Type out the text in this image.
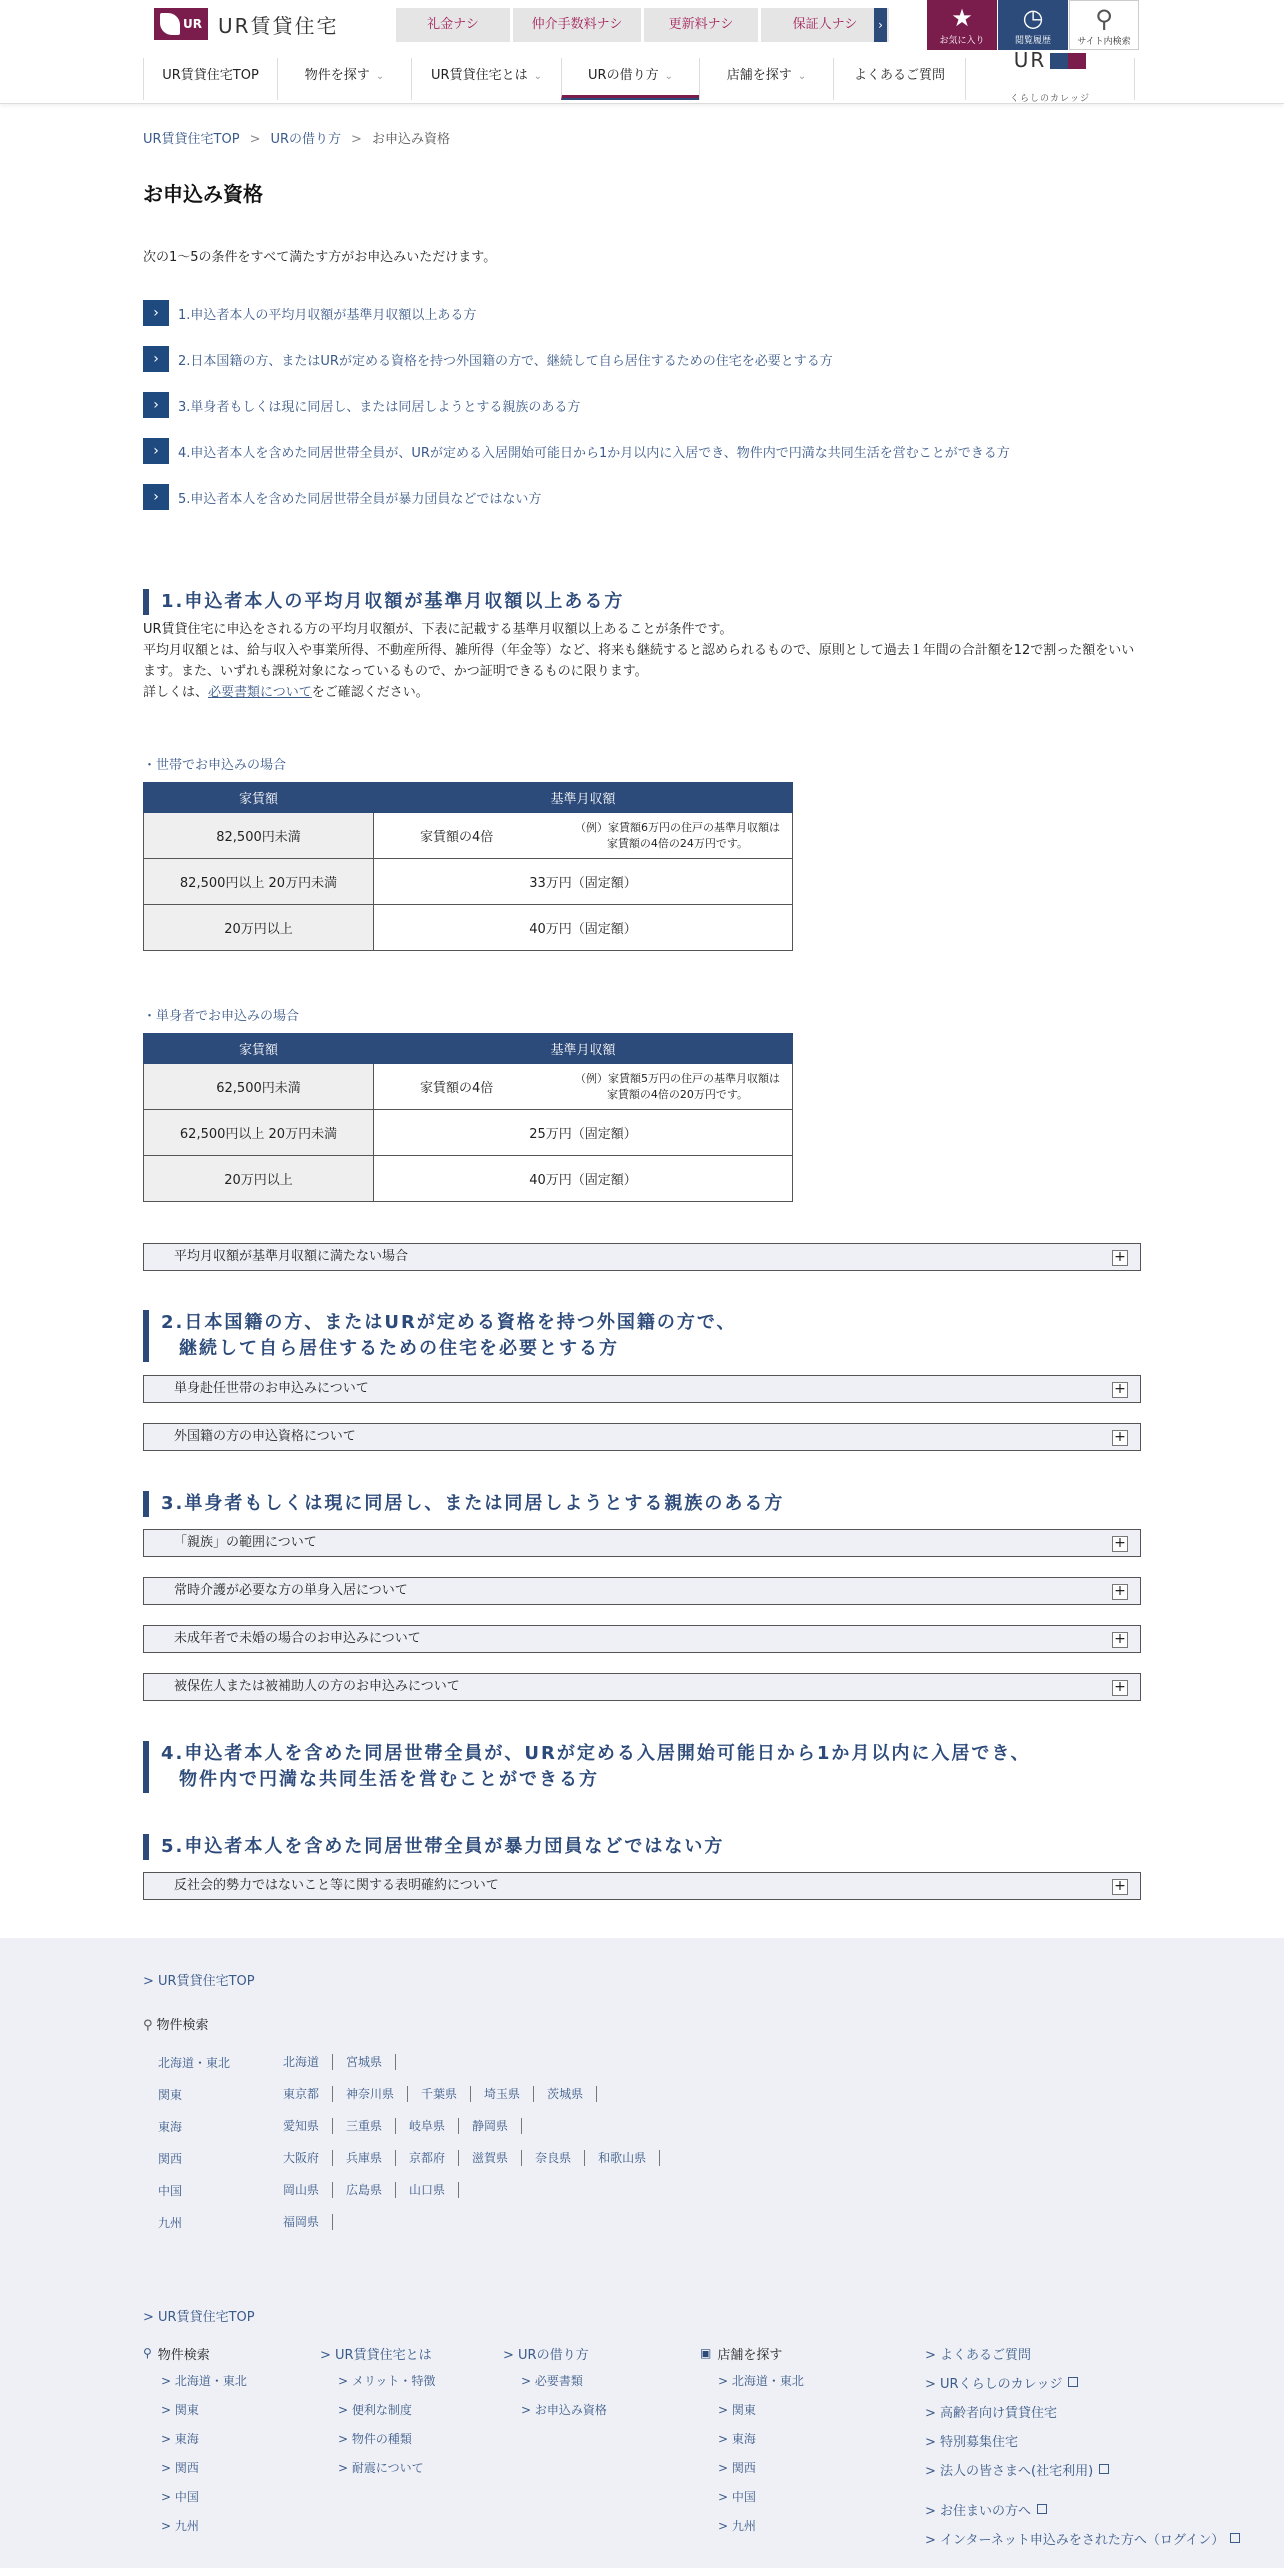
UR UR賃貸住宅	礼金ナシ	仲介手数料ナシ	更新料ナシ	保証人ナシ	›	★
お気に入り
◷
閲覧履歴
⚲
サイト内検索
UR賃貸住宅TOP	物件を探す ⌄	UR賃貸住宅とは ⌄	URの借り方 ⌄	店舗を探す ⌄	よくあるご質問
UR
くらしのカレッジ
UR賃貸住宅TOP > URの借り方 > お申込み資格
お申込み資格

次の1～5の条件をすべて満たす方がお申込みいただけます。

›	1.申込者本人の平均月収額が基準月収額以上ある方
›	2.日本国籍の方、またはURが定める資格を持つ外国籍の方で、継続して自ら居住するための住宅を必要とする方
›	3.単身者もしくは現に同居し、または同居しようとする親族のある方
›	4.申込者本人を含めた同居世帯全員が、URが定める入居開始可能日から1か月以内に入居でき、物件内で円満な共同生活を営むことができる方
›	5.申込者本人を含めた同居世帯全員が暴力団員などではない方
1.申込者本人の平均月収額が基準月収額以上ある方
UR賃貸住宅に申込をされる方の平均月収額が、下表に記載する基準月収額以上あることが条件です。
平均月収額とは、給与収入や事業所得、不動産所得、雑所得（年金等）など、将来も継続すると認められるもので、原則として過去１年間の合計額を12で割った額をいいます。また、いずれも課税対象になっているもので、かつ証明できるものに限ります。
詳しくは、必要書類についてをご確認ください。
・世帯でお申込みの場合
家賃額	基準月収額
82,500円未満	家賃額の4倍
（例）家賃額6万円の住戸の基準月収額は
家賃額の4倍の24万円です。

82,500円以上 20万円未満	33万円（固定額）
20万円以上	40万円（固定額）
・単身者でお申込みの場合
家賃額	基準月収額
62,500円未満	家賃額の4倍
（例）家賃額5万円の住戸の基準月収額は
家賃額の4倍の20万円です。

62,500円以上 20万円未満	25万円（固定額）
20万円以上	40万円（固定額）
平均月収額が基準月収額に満たない場合	+
2.日本国籍の方、またはURが定める資格を持つ外国籍の方で、
継続して自ら居住するための住宅を必要とする方
単身赴任世帯のお申込みについて	+
外国籍の方の申込資格について	+
3.単身者もしくは現に同居し、または同居しようとする親族のある方
「親族」の範囲について	+
常時介護が必要な方の単身入居について	+
未成年者で未婚の場合のお申込みについて	+
被保佐人または被補助人の方のお申込みについて	+
4.申込者本人を含めた同居世帯全員が、URが定める入居開始可能日から1か月以内に入居でき、
物件内で円満な共同生活を営むことができる方
5.申込者本人を含めた同居世帯全員が暴力団員などではない方
反社会的勢力ではないこと等に関する表明確約について	+
> UR賃貸住宅TOP
⚲ 物件検索
北海道・東北	北海道	宮城県
関東	東京都	神奈川県	千葉県	埼玉県	茨城県
東海	愛知県	三重県	岐阜県	静岡県
関西	大阪府	兵庫県	京都府	滋賀県	奈良県	和歌山県
中国	岡山県	広島県	山口県
九州	福岡県
> UR賃貸住宅TOP
⚲ 物件検索
> 北海道・東北
> 関東
> 東海
> 関西
> 中国
> 九州
> UR賃貸住宅とは
> メリット・特徴
> 便利な制度
> 物件の種類
> 耐震について
> URの借り方
> 必要書類
> お申込み資格
▣ 店舗を探す
> 北海道・東北
> 関東
> 東海
> 関西
> 中国
> 九州
> よくあるご質問
> URくらしのカレッジ
> 高齢者向け賃貸住宅
> 特別募集住宅
> 法人の皆さまへ(社宅利用)
> お住まいの方へ
> インターネット申込みをされた方へ（ログイン）
